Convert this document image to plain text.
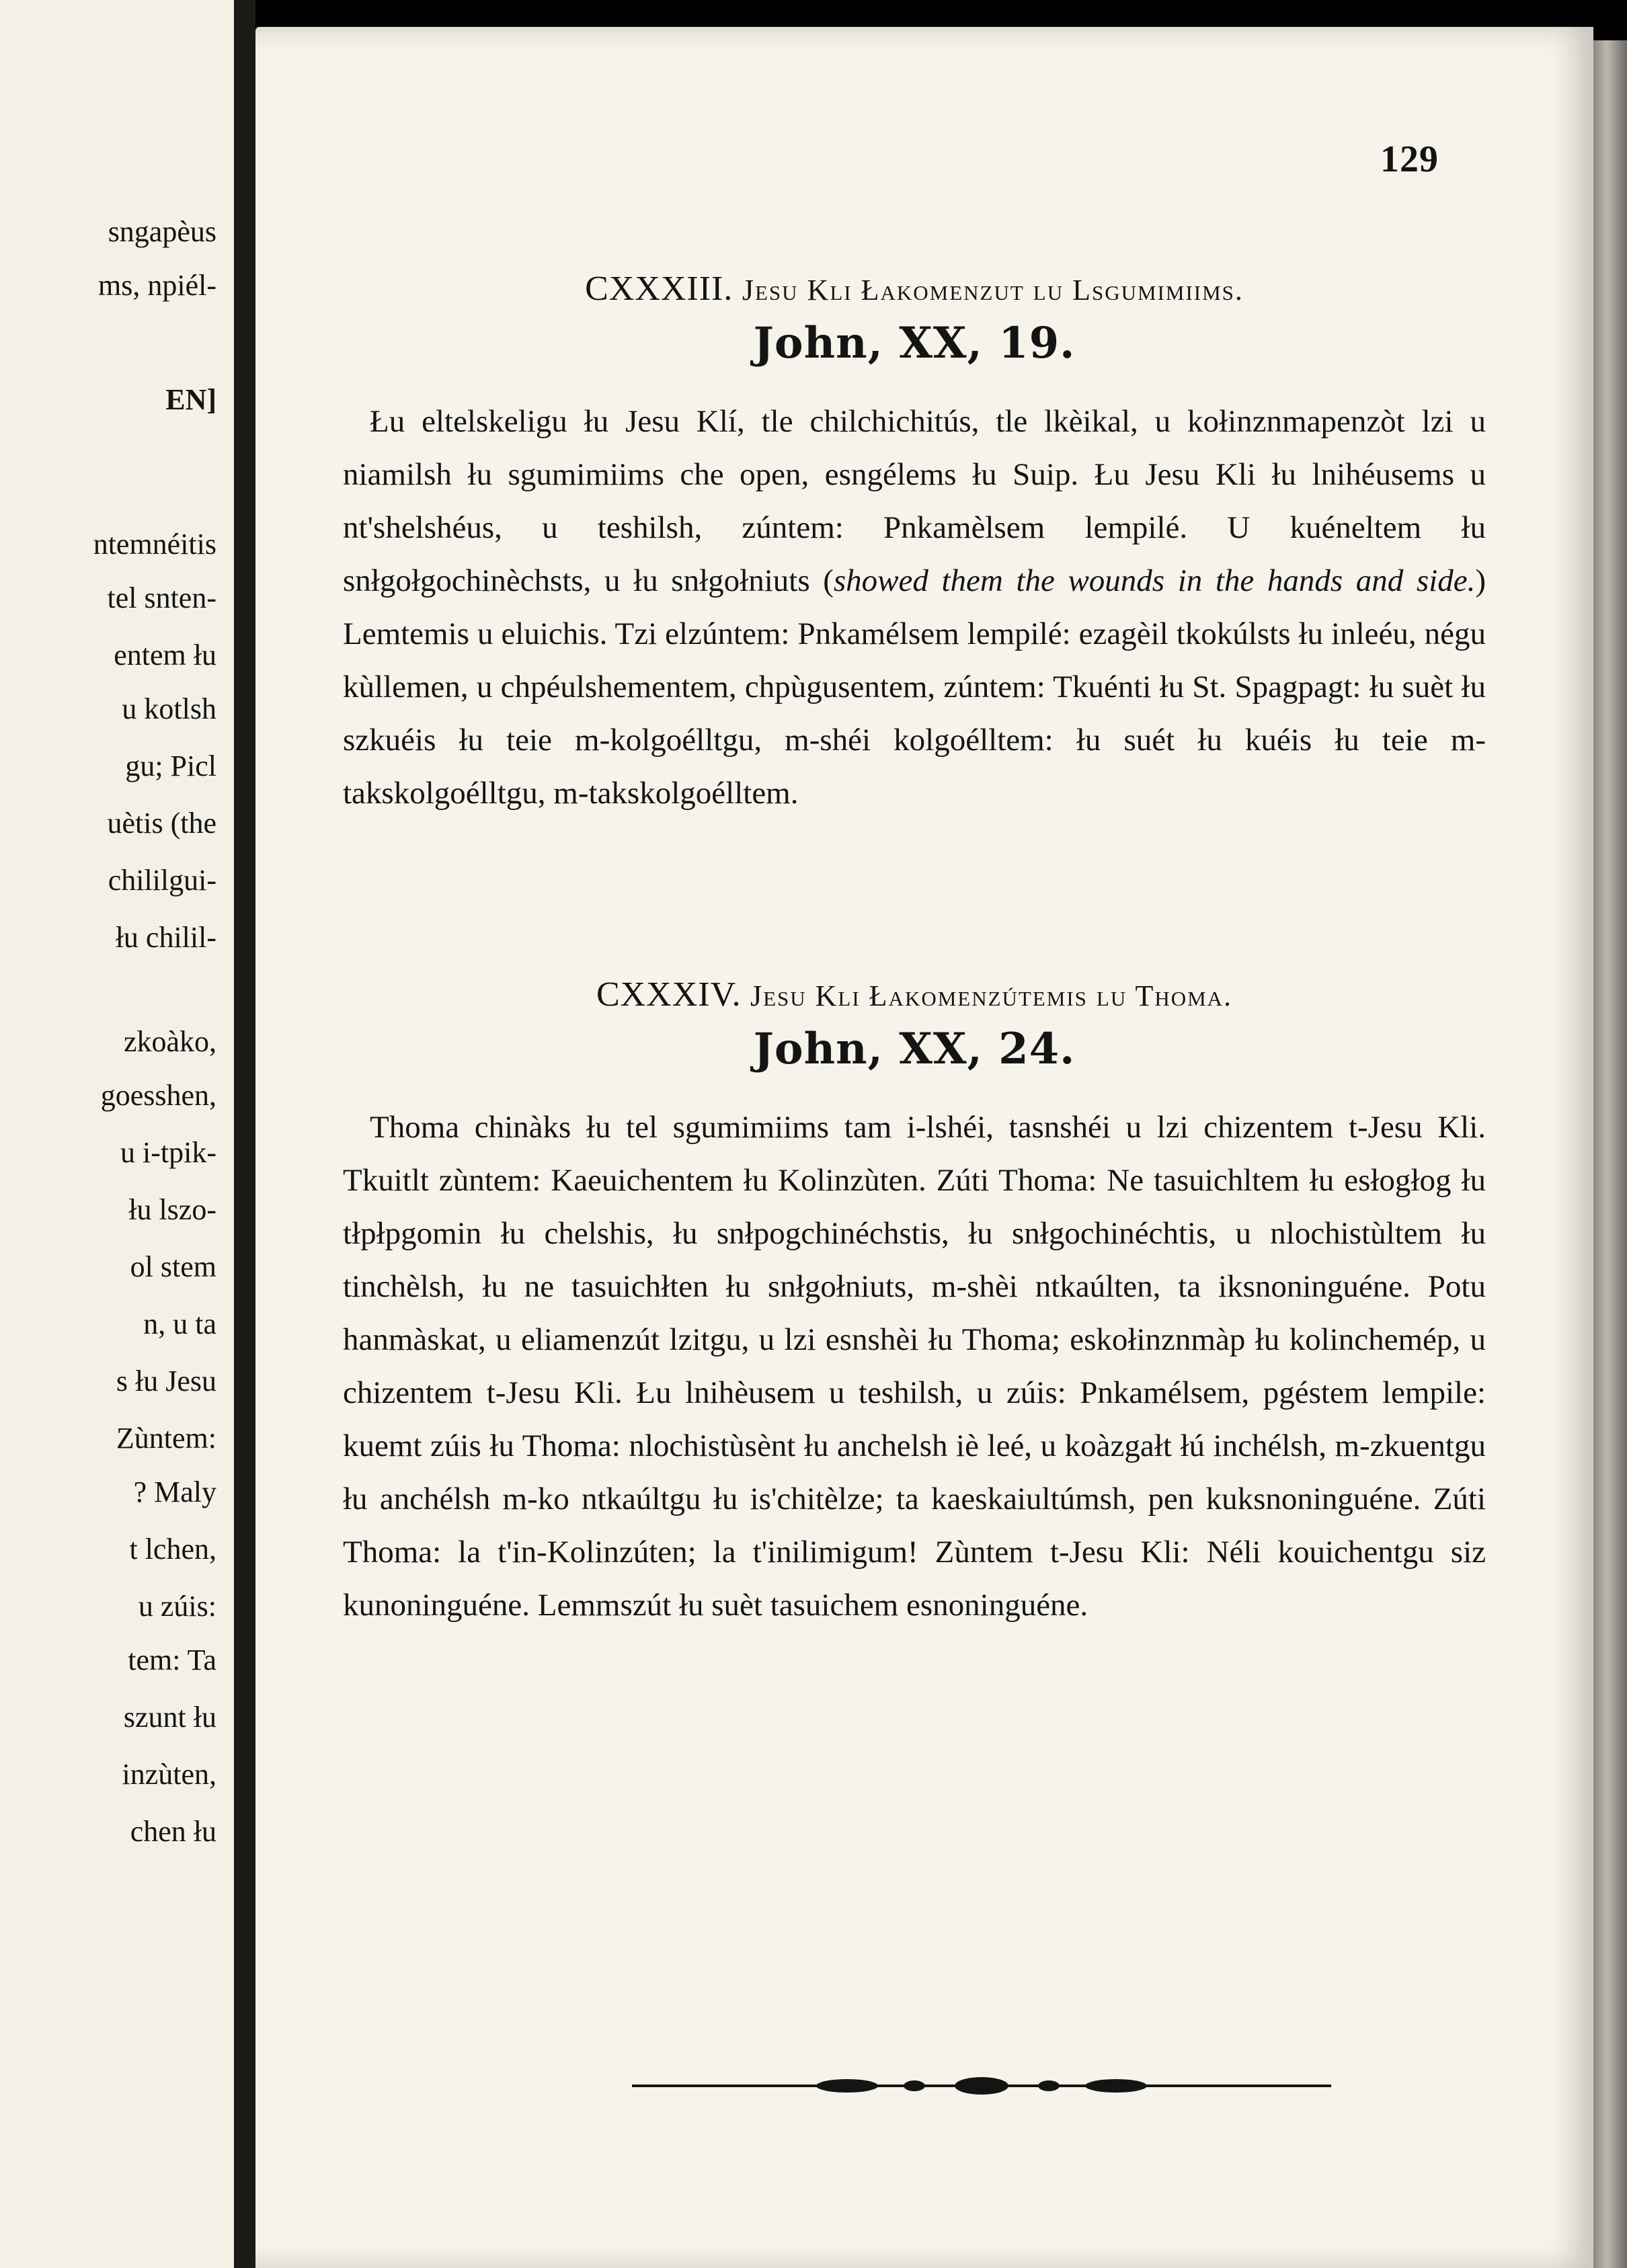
sngapèus
ms, npiél-
EN]
ntemnéitis
tel snten-
entem łu
u kotlsh
gu; Picl
uètis (the
chililgui-
łu chilil-
zkoàko,
goesshen,
u i-tpik-
łu lszo-
ol stem
n, u ta
s łu Jesu
Zùntem:
? Maly
t lchen,
u zúis:
tem: Ta
szunt łu
inzùten,
chen łu
129

CXXXIII. Jesu Kli Łakomenzut lu Lsgumimiims.

John, XX, 19.

Łu eltelskeligu łu Jesu Klí, tle chilchichitús, tle lkèikal, u kołinznmapenzòt lzi u niamilsh łu sgumimiims che open, esngélems łu Suip. Łu Jesu Kli łu lnihéusems u nt'shelshéus, u teshilsh, zúntem: Pnkamèlsem lempilé. U kuéneltem łu snłgołgochinèchsts, u łu snłgołniuts (showed them the wounds in the hands and side.) Lemtemis u eluichis. Tzi elzúntem: Pnkamélsem lempilé: ezagèil tkokúlsts łu inleéu, négu kùllemen, u chpéulshementem, chpùgusentem, zúntem: Tkuénti łu St. Spagpagt: łu suèt łu szkuéis łu teie m-kolgoélltgu, m-shéi kolgoélltem: łu suét łu kuéis łu teie m-takskolgoélltgu, m-takskolgoélltem.

CXXXIV. Jesu Kli Łakomenzútemis lu Thoma.

John, XX, 24.

Thoma chinàks łu tel sgumimiims tam i-lshéi, tasnshéi u lzi chizentem t-Jesu Kli. Tkuitlt zùntem: Kaeuichentem łu Kolinzùten. Zúti Thoma: Ne tasuichltem łu esłogłog łu tłpłpgomin łu chelshis, łu snłpogchinéchstis, łu snłgochinéchtis, u nlochistùltem łu tinchèlsh, łu ne tasuichłten łu snłgołniuts, m-shèi ntkaúlten, ta iksnoninguéne. Potu hanmàskat, u eliamenzút lzitgu, u lzi esnshèi łu Thoma; eskołinznmàp łu kolinchemép, u chizentem t-Jesu Kli. Łu lnihèusem u teshilsh, u zúis: Pnkamélsem, pgéstem lempile: kuemt zúis łu Thoma: nlochistùsènt łu anchelsh iè leé, u koàzgałt łú inchélsh, m-zkuentgu łu anchélsh m-ko ntkaúltgu łu is'chitèlze; ta kaeskaiultúmsh, pen kuksnoninguéne. Zúti Thoma: la t'in-Kolinzúten; la t'inilimigum! Zùntem t-Jesu Kli: Néli kouichentgu siz kunoninguéne. Lemmszút łu suèt tasuichem esnoninguéne.
